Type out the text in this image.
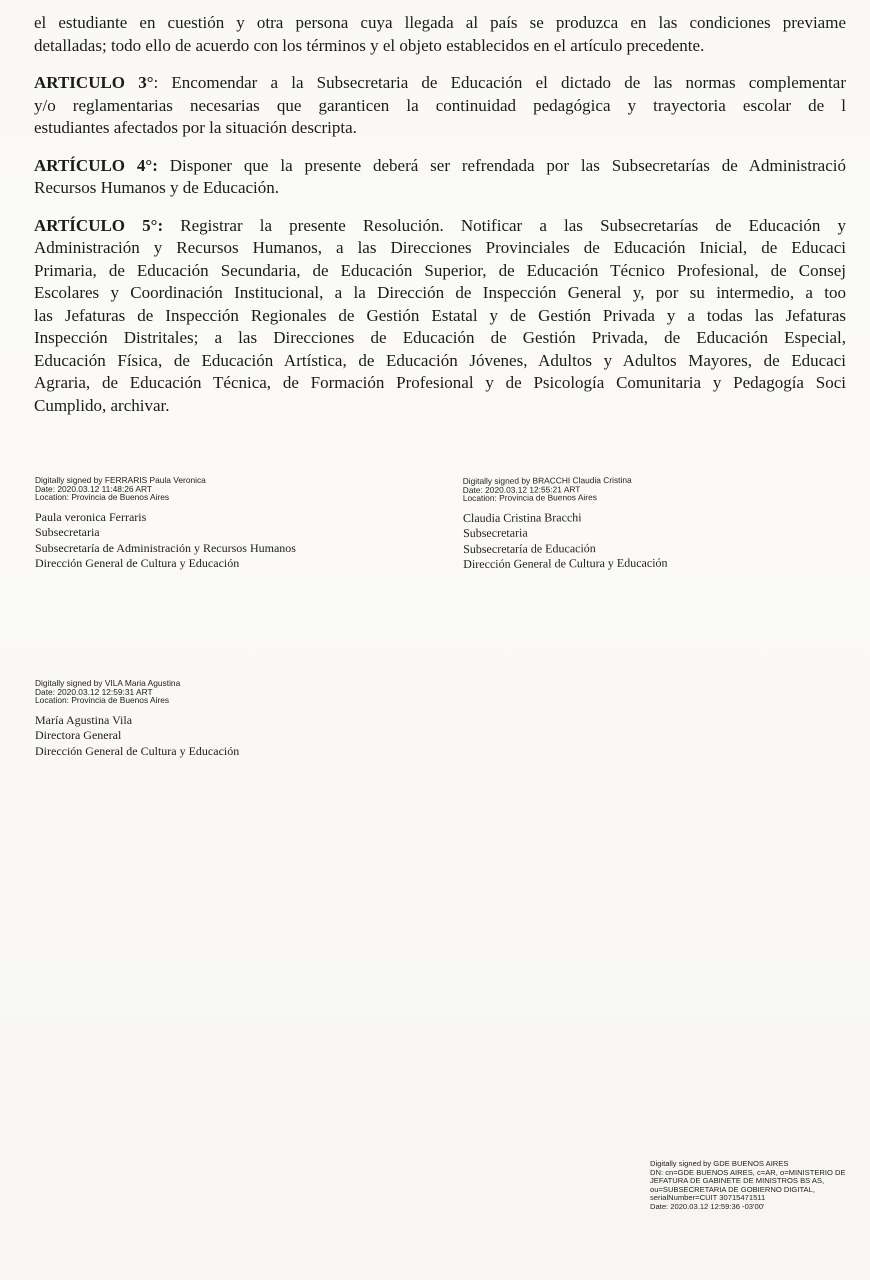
el estudiante en cuestión y otra persona cuya llegada al país se produzca en las condiciones previame
detalladas; todo ello de acuerdo con los términos y el objeto establecidos en el artículo precedente.
ARTICULO 3°: Encomendar a la Subsecretaria de Educación el dictado de las normas complementar
y/o reglamentarias necesarias que garanticen la continuidad pedagógica y trayectoria escolar de l
estudiantes afectados por la situación descripta.
ARTÍCULO 4°: Disponer que la presente deberá ser refrendada por las Subsecretarías de Administració
Recursos Humanos y de Educación.
ARTÍCULO 5°: Registrar la presente Resolución. Notificar a las Subsecretarías de Educación y
Administración y Recursos Humanos, a las Direcciones Provinciales de Educación Inicial, de Educaci
Primaria, de Educación Secundaria, de Educación Superior, de Educación Técnico Profesional, de Consej
Escolares y Coordinación Institucional, a la Dirección de Inspección General y, por su intermedio, a too
las Jefaturas de Inspección Regionales de Gestión Estatal y de Gestión Privada y a todas las Jefaturas
Inspección Distritales; a las Direcciones de Educación de Gestión Privada, de Educación Especial,
Educación Física, de Educación Artística, de Educación Jóvenes, Adultos y Adultos Mayores, de Educaci
Agraria, de Educación Técnica, de Formación Profesional y de Psicología Comunitaria y Pedagogía Soci
Cumplido, archivar.
Digitally signed by FERRARIS Paula Veronica
Date: 2020.03.12 11:48:26 ART
Location: Provincia de Buenos Aires
Paula veronica Ferraris
Subsecretaria
Subsecretaría de Administración y Recursos Humanos
Dirección General de Cultura y Educación
Digitally signed by BRACCHI Claudia Cristina
Date: 2020.03.12 12:55:21 ART
Location: Provincia de Buenos Aires
Claudia Cristina Bracchi
Subsecretaria
Subsecretaría de Educación
Dirección General de Cultura y Educación
Digitally signed by VILA Maria Agustina
Date: 2020.03.12 12:59:31 ART
Location: Provincia de Buenos Aires
María Agustina Vila
Directora General
Dirección General de Cultura y Educación
Digitally signed by GDE BUENOS AIRES
DN: cn=GDE BUENOS AIRES, c=AR, o=MINISTERIO DE
JEFATURA DE GABINETE DE MINISTROS BS AS,
ou=SUBSECRETARIA DE GOBIERNO DIGITAL,
serialNumber=CUIT 30715471511
Date: 2020.03.12 12:59:36 -03'00'
